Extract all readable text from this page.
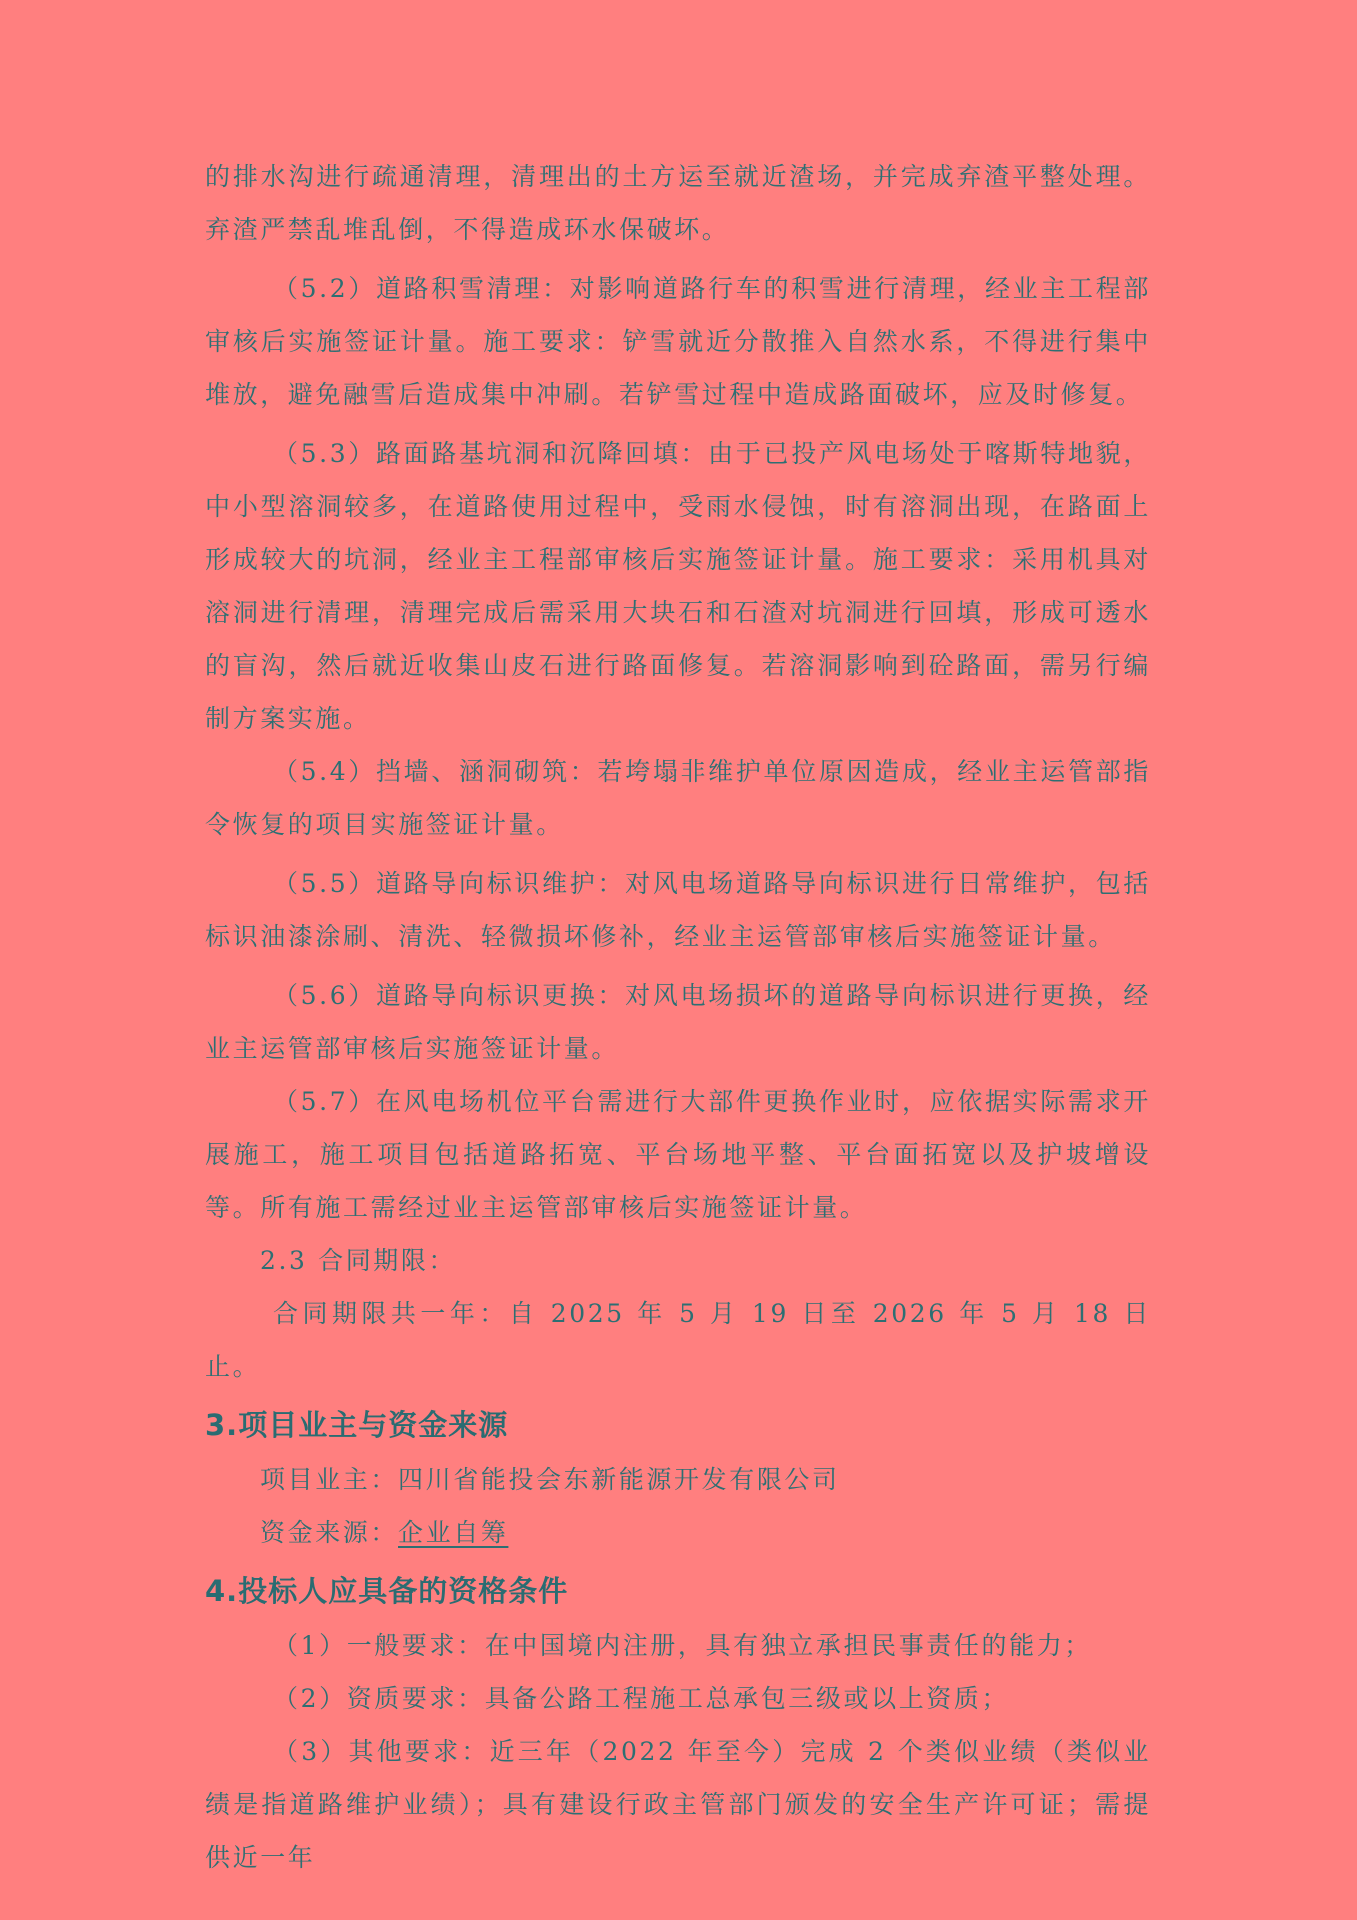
的排水沟进行疏通清理，清理出的土方运至就近渣场，并完成弃渣平整处理。弃渣严禁乱堆乱倒，不得造成环水保破坏。

（5.2）道路积雪清理：对影响道路行车的积雪进行清理，经业主工程部审核后实施签证计量。施工要求：铲雪就近分散推入自然水系，不得进行集中堆放，避免融雪后造成集中冲刷。若铲雪过程中造成路面破坏，应及时修复。

（5.3）路面路基坑洞和沉降回填：由于已投产风电场处于喀斯特地貌，中小型溶洞较多，在道路使用过程中，受雨水侵蚀，时有溶洞出现，在路面上形成较大的坑洞，经业主工程部审核后实施签证计量。施工要求：采用机具对溶洞进行清理，清理完成后需采用大块石和石渣对坑洞进行回填，形成可透水的盲沟，然后就近收集山皮石进行路面修复。若溶洞影响到砼路面，需另行编制方案实施。

（5.4）挡墙、涵洞砌筑：若垮塌非维护单位原因造成，经业主运管部指令恢复的项目实施签证计量。

（5.5）道路导向标识维护：对风电场道路导向标识进行日常维护，包括标识油漆涂刷、清洗、轻微损坏修补，经业主运管部审核后实施签证计量。

（5.6）道路导向标识更换：对风电场损坏的道路导向标识进行更换，经业主运管部审核后实施签证计量。

（5.7）在风电场机位平台需进行大部件更换作业时，应依据实际需求开展施工，施工项目包括道路拓宽、平台场地平整、平台面拓宽以及护坡增设等。所有施工需经过业主运管部审核后实施签证计量。

2.3 合同期限：

合同期限共一年：自 2025 年 5 月 19 日至 2026 年 5 月 18 日止。

3.项目业主与资金来源

项目业主：四川省能投会东新能源开发有限公司

资金来源：企业自筹

4.投标人应具备的资格条件

（1）一般要求：在中国境内注册，具有独立承担民事责任的能力；

（2）资质要求：具备公路工程施工总承包三级或以上资质；

（3）其他要求：近三年（2022 年至今）完成 2 个类似业绩（类似业绩是指道路维护业绩）；具有建设行政主管部门颁发的安全生产许可证；需提供近一年
